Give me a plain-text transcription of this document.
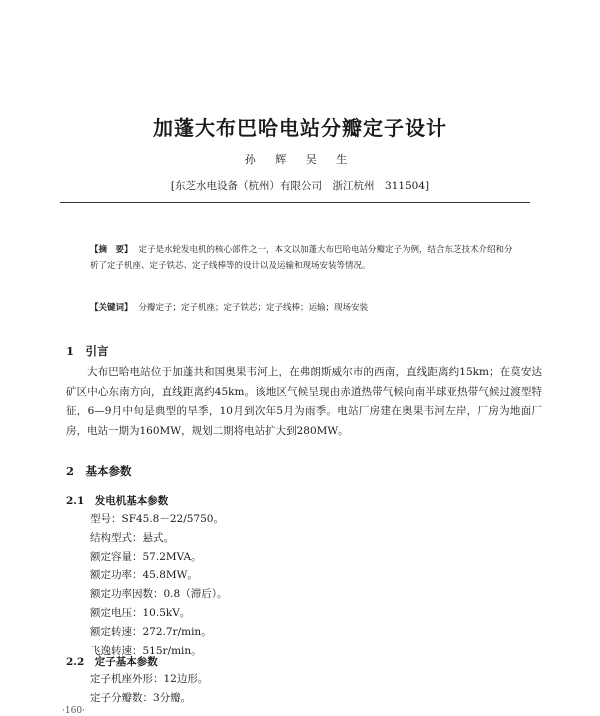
加蓬大布巴哈电站分瓣定子设计
孙 辉 吴 生
[东芝水电设备（杭州）有限公司　浙江杭州　311504]
【摘　要】 定子是水轮发电机的核心部件之一，本文以加蓬大布巴哈电站分瓣定子为例，结合东芝技术介绍和分析了定子机座、定子铁芯、定子线棒等的设计以及运输和现场安装等情况。
【关键词】 分瓣定子；定子机座；定子铁芯；定子线棒；运输；现场安装
1　引言
大布巴哈电站位于加蓬共和国奥果韦河上，在弗朗斯威尔市的西南，直线距离约15km；在莫安达矿区中心东南方向，直线距离约45km。该地区气候呈现由赤道热带气候向南半球亚热带气候过渡型特征，6—9月中旬是典型的旱季，10月到次年5月为雨季。电站厂房建在奥果韦河左岸，厂房为地面厂房，电站一期为160MW，规划二期将电站扩大到280MW。
2　基本参数
2.1　发电机基本参数
型号：SF45.8－22/5750。
结构型式：悬式。
额定容量：57.2MVA。
额定功率：45.8MW。
额定功率因数：0.8（滞后）。
额定电压：10.5kV。
额定转速：272.7r/min。
飞逸转速：515r/min。
2.2　定子基本参数
定子机座外形：12边形。
定子分瓣数：3分瓣。
·160·
